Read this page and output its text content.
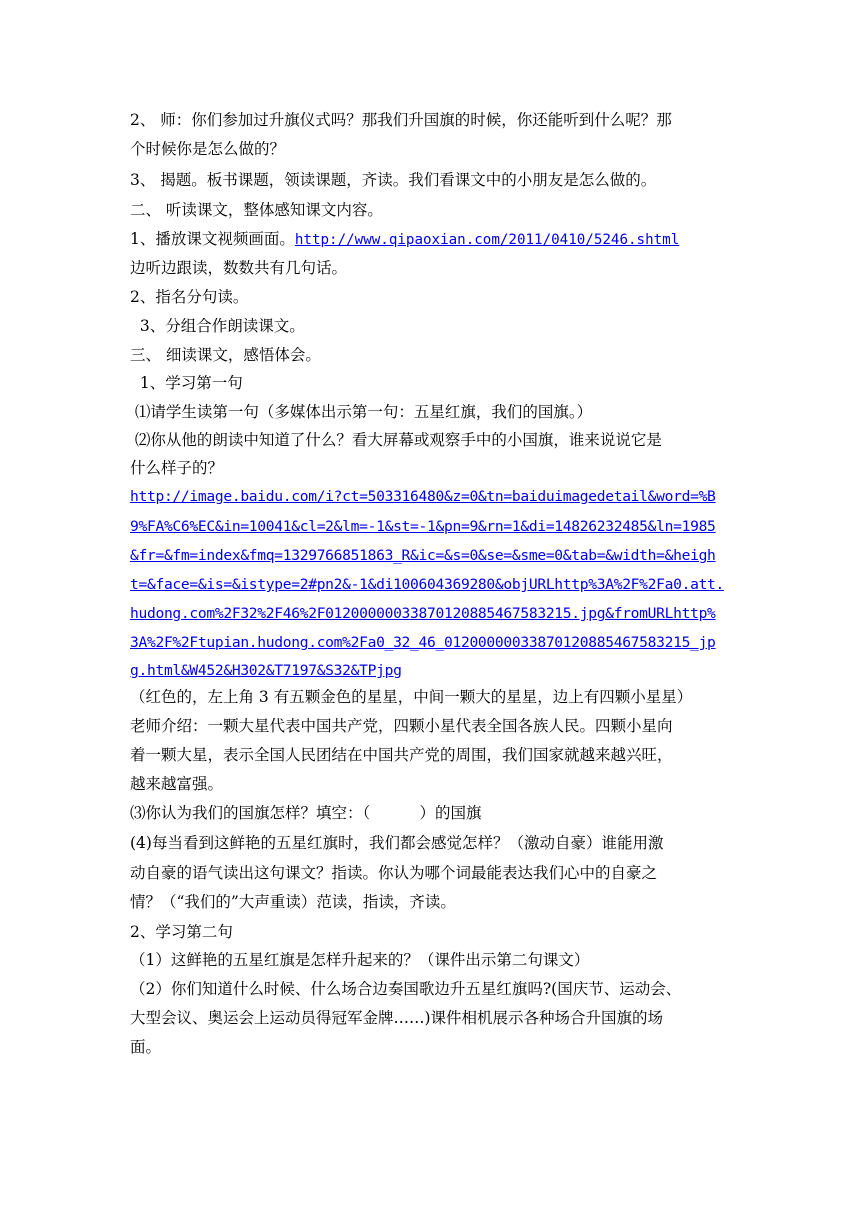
2、 师：你们参加过升旗仪式吗？那我们升国旗的时候，你还能听到什么呢？那
个时候你是怎么做的？
3、 揭题。板书课题，领读课题，齐读。我们看课文中的小朋友是怎么做的。
二、 听读课文，整体感知课文内容。
1、播放课文视频画面。http://www.qipaoxian.com/2011/0410/5246.shtml
边听边跟读，数数共有几句话。
2、指名分句读。
3、分组合作朗读课文。
三、 细读课文，感悟体会。
1、学习第一句
⑴请学生读第一句（多媒体出示第一句：五星红旗，我们的国旗。）
⑵你从他的朗读中知道了什么？看大屏幕或观察手中的小国旗，谁来说说它是
什么样子的？
http://image.baidu.com/i?ct=503316480&z=0&tn=baiduimagedetail&word=%B
9%FA%C6%EC&in=10041&cl=2&lm=-1&st=-1&pn=9&rn=1&di=14826232485&ln=1985
&fr=&fm=index&fmq=1329766851863_R&ic=&s=0&se=&sme=0&tab=&width=&heigh
t=&face=&is=&istype=2#pn2&-1&di100604369280&objURLhttp%3A%2F%2Fa0.att.
hudong.com%2F32%2F46%2F01200000033870120885467583215.jpg&fromURLhttp%
3A%2F%2Ftupian.hudong.com%2Fa0_32_46_01200000033870120885467583215_jp
g.html&W452&H302&T7197&S32&TPjpg
（红色的，左上角 3 有五颗金色的星星，中间一颗大的星星，边上有四颗小星星）
老师介绍：一颗大星代表中国共产党，四颗小星代表全国各族人民。四颗小星向
着一颗大星，表示全国人民团结在中国共产党的周围，我们国家就越来越兴旺，
越来越富强。
⑶你认为我们的国旗怎样？填空：（          ）的国旗
(4)每当看到这鲜艳的五星红旗时，我们都会感觉怎样？（激动自豪）谁能用激
动自豪的语气读出这句课文？指读。你认为哪个词最能表达我们心中的自豪之
情？（“我们的”大声重读）范读，指读，齐读。
2、学习第二句
（1）这鲜艳的五星红旗是怎样升起来的？（课件出示第二句课文）
（2）你们知道什么时候、什么场合边奏国歌边升五星红旗吗?(国庆节、运动会、
大型会议、奥运会上运动员得冠军金牌……)课件相机展示各种场合升国旗的场
面。
